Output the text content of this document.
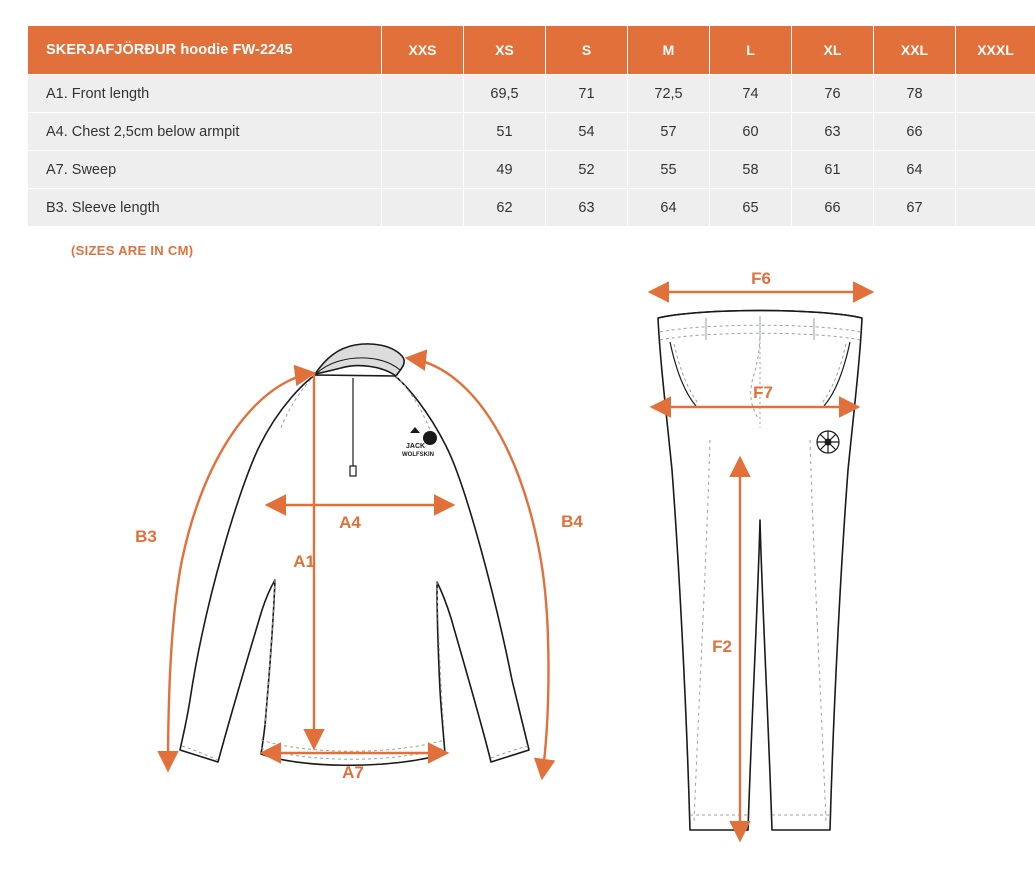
SKERJAFJÖRÐUR hoodie FW-2245	XXS	XS	S	M	L	XL	XXL	XXXL
A1. Front length		69,5	71	72,5	74	76	78	
A4. Chest 2,5cm below armpit		51	54	57	60	63	66	
A7. Sweep		49	52	55	58	61	64	
B3. Sleeve length		62	63	64	65	66	67	
(SIZES ARE IN CM)
JACK
WOLFSKIN
A4
A1
A7
B3
B4
F6
F7
F2
